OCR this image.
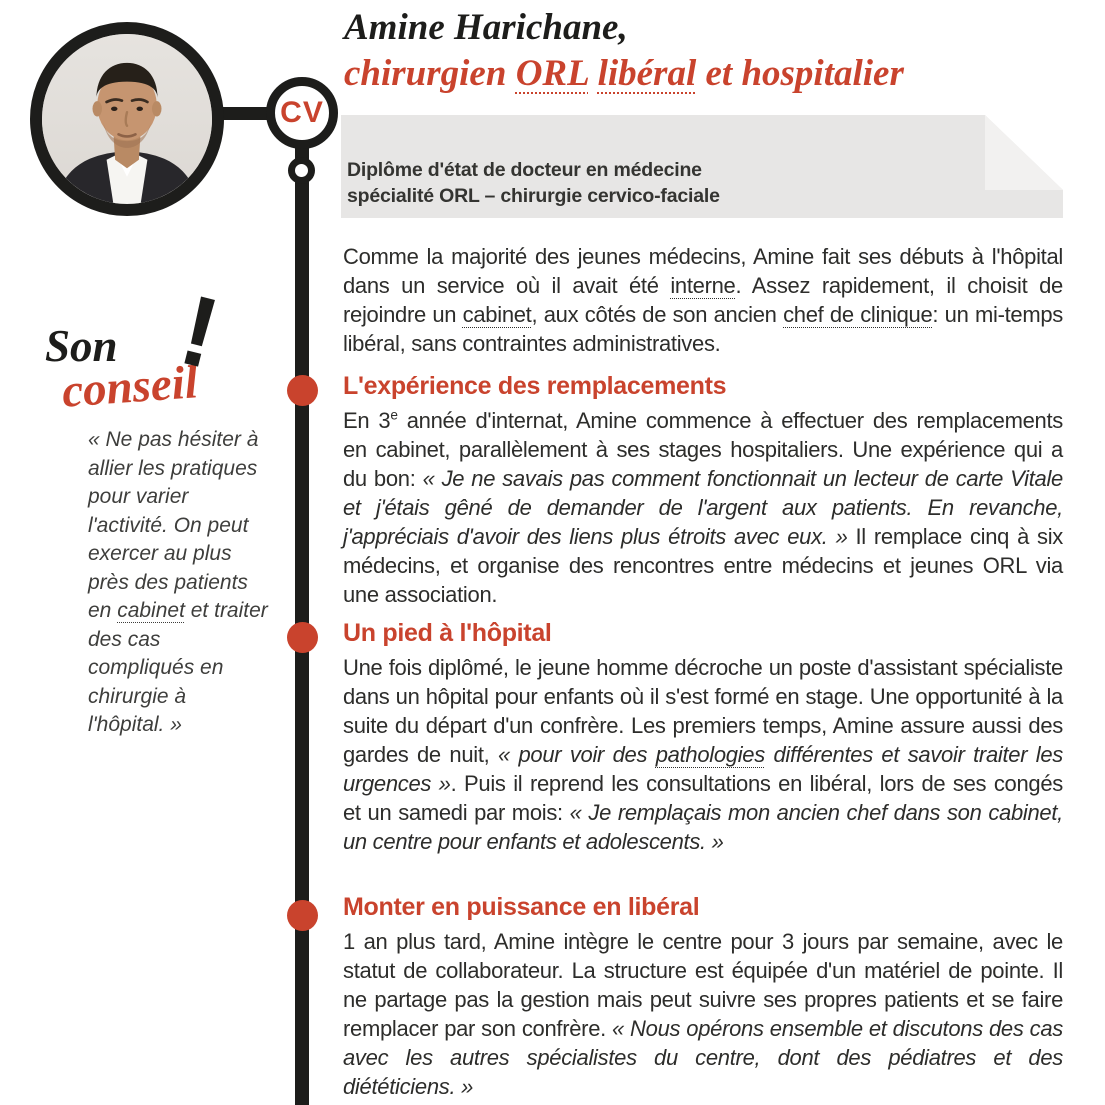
CV
Amine Harichane,
chirurgien ORL libéral et hospitalier
Diplôme d'état de docteur en médecine
spécialité ORL – chirurgie cervico-faciale
Son
conseil
!
« Ne pas hésiter à allier les pratiques pour varier l'activité. On peut exercer au plus près des patients en cabinet et traiter des cas compliqués en chirurgie à l'hôpital. »
Comme la majorité des jeunes médecins, Amine fait ses débuts à l'hôpital dans un service où il avait été interne. Assez rapidement, il choisit de rejoindre un cabinet, aux côtés de son ancien chef de clinique: un mi-temps libéral, sans contraintes administratives.
L'expérience des remplacements
En 3e année d'internat, Amine commence à effectuer des remplacements en cabinet, parallèlement à ses stages hospitaliers. Une expérience qui a du bon: « Je ne savais pas comment fonctionnait un lecteur de carte Vitale et j'étais gêné de demander de l'argent aux patients. En revanche, j'appréciais d'avoir des liens plus étroits avec eux. » Il remplace cinq à six médecins, et organise des rencontres entre médecins et jeunes ORL via une association.
Un pied à l'hôpital
Une fois diplômé, le jeune homme décroche un poste d'assistant spécialiste dans un hôpital pour enfants où il s'est formé en stage. Une opportunité à la suite du départ d'un confrère. Les premiers temps, Amine assure aussi des gardes de nuit, « pour voir des pathologies différentes et savoir traiter les urgences ». Puis il reprend les consultations en libéral, lors de ses congés et un samedi par mois: « Je remplaçais mon ancien chef dans son cabinet, un centre pour enfants et adolescents. »
Monter en puissance en libéral
1 an plus tard, Amine intègre le centre pour 3 jours par semaine, avec le statut de collaborateur. La structure est équipée d'un matériel de pointe. Il ne partage pas la gestion mais peut suivre ses propres patients et se faire remplacer par son confrère. « Nous opérons ensemble et discutons des cas avec les autres spécialistes du centre, dont des pédiatres et des diététiciens. »
